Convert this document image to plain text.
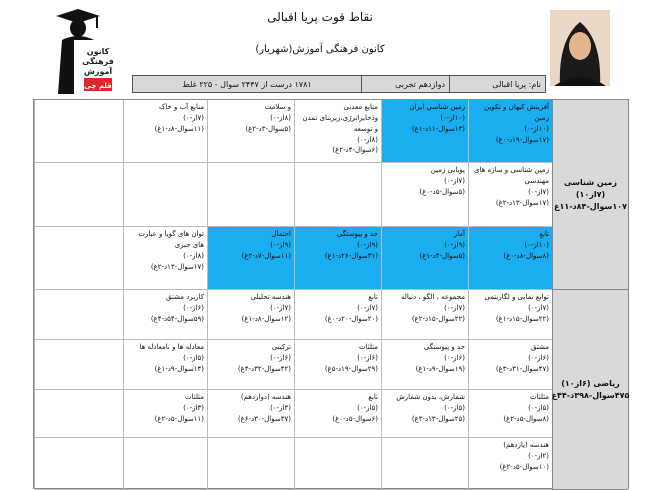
کانون
فرهنگی
آموزش
قلم چی
نقاط قوت پریا اقبالی
کانون فرهنگی آموزش(شهریار)
نام: پریا اقبالی
دوازدهم تجربی
۱۷۸۱ درست از ۲۴۴۷ سوال - ۲۲۵ غلط
زمین شناسی (۷از۱۰) ۱۰۷سوال-۸۴د-۱۱غ
ریاضی (۶از۱۰) ۴۷۵سوال-۳۹۸د-۴۴غ
آفرینش کیهان و تکوین زمین
(۱۰از-۰)
(۱۷سوال-۱۹د-۰غ)
زمین شناسی ایران
(۱۰از-۰)
(۱۳سوال-۱۱د-۱غ)
منابع معدنی وذخایرانرژی،زیربنای تمدن و توسعه
(۸از-۰)
(۶سوال-۴د-۲غ)
و سلامت
(۸از-۰)
(۵سوال-۳د-۲غ)
منابع آب و خاک
(۷از-۰)
(۱۱سوال-۸د-۱غ)
زمین شناسی و سازه های مهندسی
(۷از-۰)
(۱۷سوال-۱۳د-۲غ)
پویایی زمین
(۷از-۰)
(۵سوال-۵د-۰غ)
تابع
(۱۰از-۰)
(۸سوال-۸د-۰غ)
آمار
(۹از-۰)
(۵سوال-۴د-۱غ)
حد و پیوستگی
(۹از-۰)
(۳۱سوال-۲۶د-۱غ)
احتمال
(۹از-۰)
(۱۱سوال-۷د-۲غ)
توان های گویا و عبارت های جبری
(۸از-۰)
(۱۷سوال-۱۳د-۲غ)
توابع نمایی و لگاریتمی
(۷از-۰)
(۲۲سوال-۱۵د-۱غ)
مجموعه ، الگو ، دنباله
(۷از-۰)
(۲۲سوال-۱۵د-۲غ)
تابع
(۷از-۰)
(۲۰سوال-۲۰د-۰غ)
هندسه تحلیلی
(۷از-۰)
(۱۲سوال-۸د-۱غ)
کاربرد مشتق
(۶از-۰)
(۵۹سوال-۵۴د-۴غ)
مشتق
(۶از-۰)
(۴۷سوال-۳۱د-۳غ)
حد و پیوستگی
(۶از-۰)
(۱۹سوال-۹د-۱غ)
مثلثات
(۶از-۰)
(۲۹سوال-۱۹د-۵غ)
ترکیبی
(۶از-۰)
(۴۲سوال-۳۲د-۴غ)
معادله ها و نامعادله ها
(۵از-۰)
(۱۴سوال-۹د-۱غ)
مثلثات
(۵از-۰)
(۸سوال-۵د-۲غ)
شمارش، بدون شمارش
(۵از-۰)
(۲۵سوال-۱۳د-۳غ)
تابع
(۵از-۰)
(۶سوال-۵د-۰غ)
هندسه (دوازدهم)
(۴از-۰)
(۳۷سوال-۳۰د-۶غ)
مثلثات
(۳از-۰)
(۱۱سوال-۵د-۲غ)
هندسه (یازدهم)
(۲از-۰)
(۱۰سوال-۵د-۲غ)
